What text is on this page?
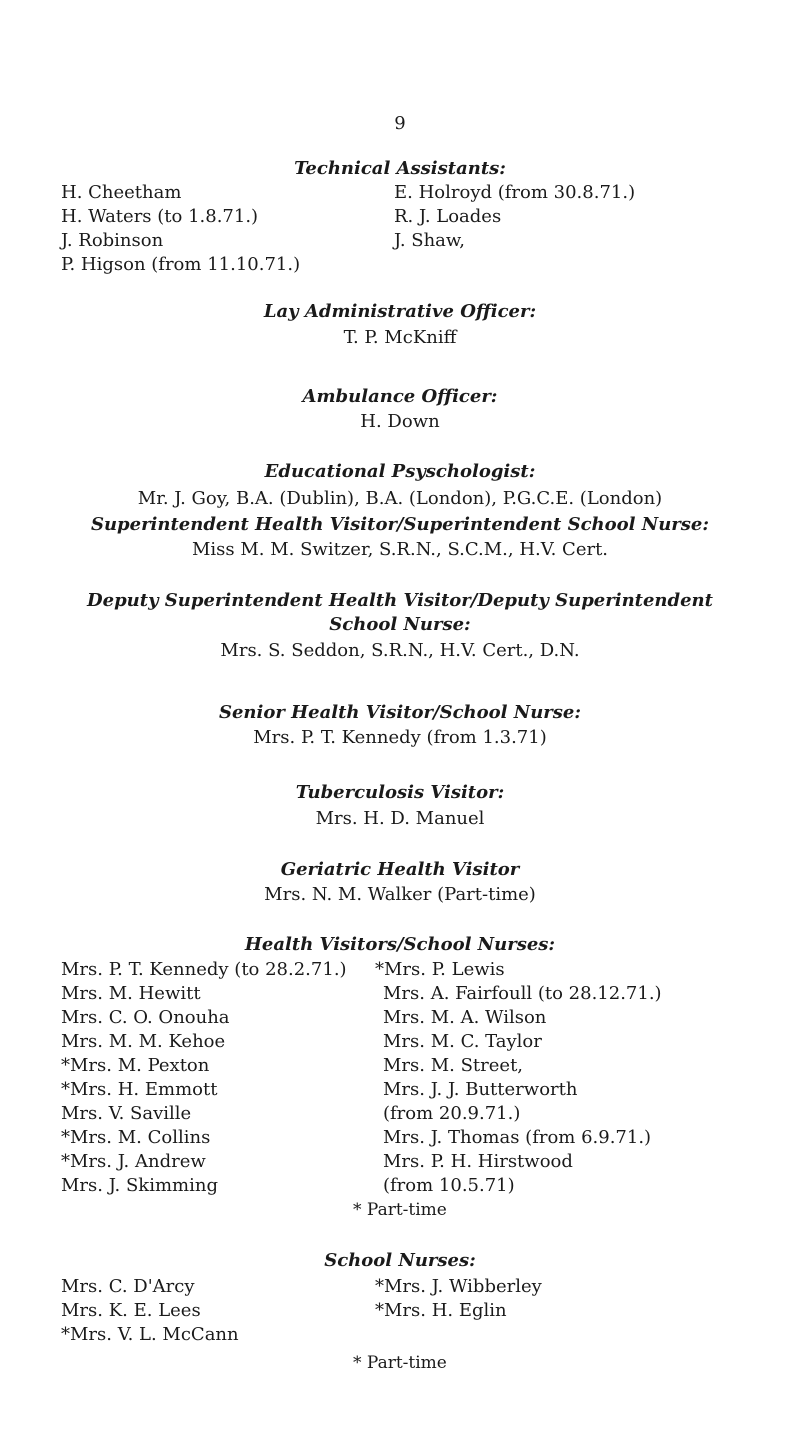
9
Technical Assistants:
H. Cheetham
H. Waters (to 1.8.71.)
J. Robinson
P. Higson (from 11.10.71.)
E. Holroyd (from 30.8.71.)
R. J. Loades
J. Shaw,
Lay Administrative Officer:
T. P. McKniff
Ambulance Officer:
H. Down
Educational Psyschologist:
Mr. J. Goy, B.A. (Dublin), B.A. (London), P.G.C.E. (London)
Superintendent Health Visitor/Superintendent School Nurse:
Miss M. M. Switzer, S.R.N., S.C.M., H.V. Cert.
Deputy Superintendent Health Visitor/Deputy Superintendent
School Nurse:
Mrs. S. Seddon, S.R.N., H.V. Cert., D.N.
Senior Health Visitor/School Nurse:
Mrs. P. T. Kennedy (from 1.3.71)
Tuberculosis Visitor:
Mrs. H. D. Manuel
Geriatric Health Visitor
Mrs. N. M. Walker (Part-time)
Health Visitors/School Nurses:
Mrs. P. T. Kennedy (to 28.2.71.)
Mrs. M. Hewitt
Mrs. C. O. Onouha
Mrs. M. M. Kehoe
*Mrs. M. Pexton
*Mrs. H. Emmott
Mrs. V. Saville
*Mrs. M. Collins
*Mrs. J. Andrew
Mrs. J. Skimming
*Mrs. P. Lewis
Mrs. A. Fairfoull (to 28.12.71.)
Mrs. M. A. Wilson
Mrs. M. C. Taylor
Mrs. M. Street,
Mrs. J. J. Butterworth
(from 20.9.71.)
Mrs. J. Thomas (from 6.9.71.)
Mrs. P. H. Hirstwood
(from 10.5.71)
* Part-time
School Nurses:
Mrs. C. D'Arcy
Mrs. K. E. Lees
*Mrs. V. L. McCann
*Mrs. J. Wibberley
*Mrs. H. Eglin
* Part-time
